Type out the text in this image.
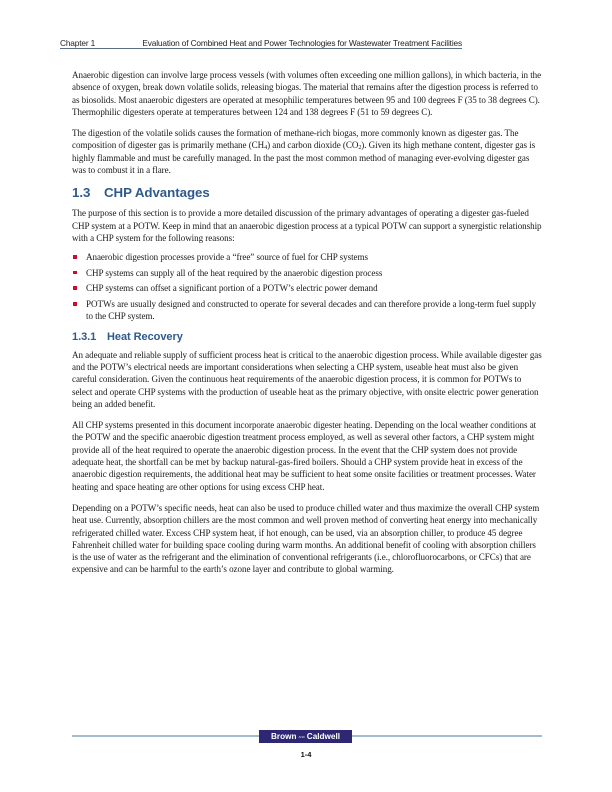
Chapter 1	Evaluation of Combined Heat and Power Technologies for Wastewater Treatment Facilities

Anaerobic digestion can involve large process vessels (with volumes often exceeding one million gallons), in which bacteria, in the absence of oxygen, break down volatile solids, releasing biogas. The material that remains after the digestion process is referred to as biosolids. Most anaerobic digesters are operated at mesophilic temperatures between 95 and 100 degrees F (35 to 38 degrees C). Thermophilic digesters operate at temperatures between 124 and 138 degrees F (51 to 59 degrees C).

The digestion of the volatile solids causes the formation of methane-rich biogas, more commonly known as digester gas. The composition of digester gas is primarily methane $(CH_4)$ and carbon dioxide $(CO_2)$. Given its high methane content, digester gas is highly flammable and must be carefully managed. In the past the most common method of managing ever-evolving digester gas was to combust it in a flare.

1.3 CHP Advantages

The purpose of this section is to provide a more detailed discussion of the primary advantages of operating a digester gas-fueled CHP system at a POTW. Keep in mind that an anaerobic digestion process at a typical POTW can support a synergistic relationship with a CHP system for the following reasons:

Anaerobic digestion processes provide a “free” source of fuel for CHP systems
CHP systems can supply all of the heat required by the anaerobic digestion process
CHP systems can offset a significant portion of a POTW’s electric power demand
POTWs are usually designed and constructed to operate for several decades and can therefore provide a long-term fuel supply to the CHP system.
1.3.1 Heat Recovery

An adequate and reliable supply of sufficient process heat is critical to the anaerobic digestion process. While available digester gas and the POTW’s electrical needs are important considerations when selecting a CHP system, useable heat must also be given careful consideration. Given the continuous heat requirements of the anaerobic digestion process, it is common for POTWs to select and operate CHP systems with the production of useable heat as the primary objective, with onsite electric power generation being an added benefit.

All CHP systems presented in this document incorporate anaerobic digester heating. Depending on the local weather conditions at the POTW and the specific anaerobic digestion treatment process employed, as well as several other factors, a CHP system might provide all of the heat required to operate the anaerobic digestion process. In the event that the CHP system does not provide adequate heat, the shortfall can be met by backup natural-gas-fired boilers. Should a CHP system provide heat in excess of the anaerobic digestion requirements, the additional heat may be sufficient to heat some onsite facilities or treatment processes. Water heating and space heating are other options for using excess CHP heat.

Depending on a POTW’s specific needs, heat can also be used to produce chilled water and thus maximize the overall CHP system heat use. Currently, absorption chillers are the most common and well proven method of converting heat energy into mechanically refrigerated chilled water. Excess CHP system heat, if hot enough, can be used, via an absorption chiller, to produce 45 degree Fahrenheit chilled water for building space cooling during warm months. An additional benefit of cooling with absorption chillers is the use of water as the refrigerant and the elimination of conventional refrigerants (i.e., chlorofluorocarbons, or CFCs) that are expensive and can be harmful to the earth’s ozone layer and contribute to global warming.

Brown AND Caldwell
1-4
